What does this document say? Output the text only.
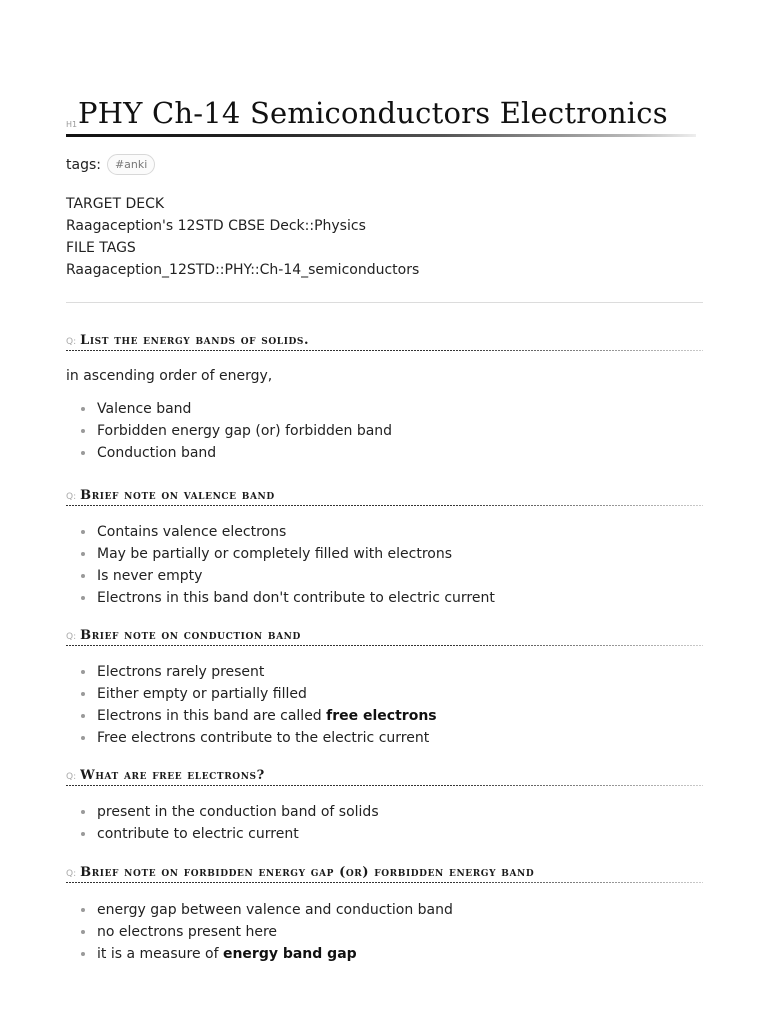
H1 PHY Ch-14 Semiconductors Electronics
tags:	#anki
TARGET DECK
Raagaception's 12STD CBSE Deck::Physics
FILE TAGS
Raagaception_12STD::PHY::Ch-14_semiconductors
Q: List the energy bands of solids.

in ascending order of energy,

Valence band
Forbidden energy gap (or) forbidden band
Conduction band
Q: Brief note on valence band
Contains valence electrons
May be partially or completely filled with electrons
Is never empty
Electrons in this band don't contribute to electric current
Q: Brief note on conduction band
Electrons rarely present
Either empty or partially filled
Electrons in this band are called free electrons
Free electrons contribute to the electric current
Q: What are free electrons?
present in the conduction band of solids
contribute to electric current
Q: Brief note on forbidden energy gap (or) forbidden energy band
energy gap between valence and conduction band
no electrons present here
it is a measure of energy band gap
